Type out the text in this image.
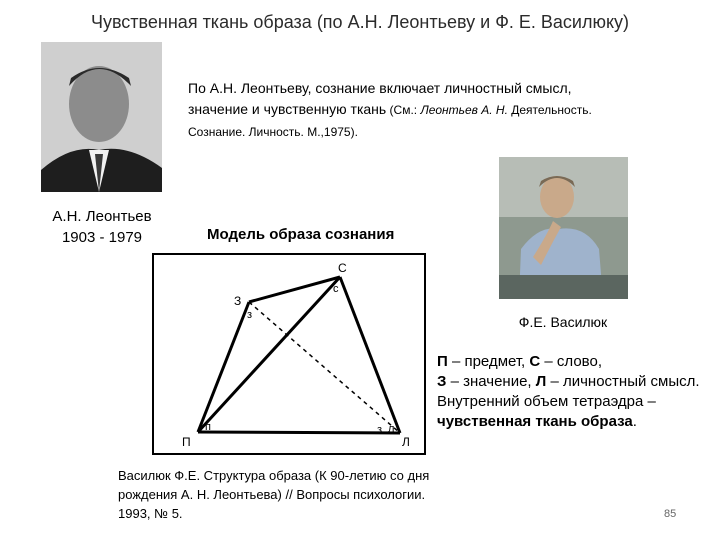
Чувственная ткань образа (по А.Н. Леонтьеву и Ф. Е. Василюку)
А.Н. Леонтьев
1903 - 1979
По А.Н. Леонтьеву, сознание включает личностный смысл, значение и чувственную ткань (См.: Леонтьев А. Н. Деятельность. Сознание. Личность. М.,1975).
Ф.Е. Василюк
Модель образа сознания
С
с
З
з
П
п
Л
л
з
П – предмет, С – слово,
З – значение, Л – личностный смысл.
Внутренний объем тетраэдра – чувственная ткань образа.
Василюк Ф.Е. Структура образа (К 90-летию со дня рождения А. Н. Леонтьева) // Вопросы психологии. 1993, № 5.	85
